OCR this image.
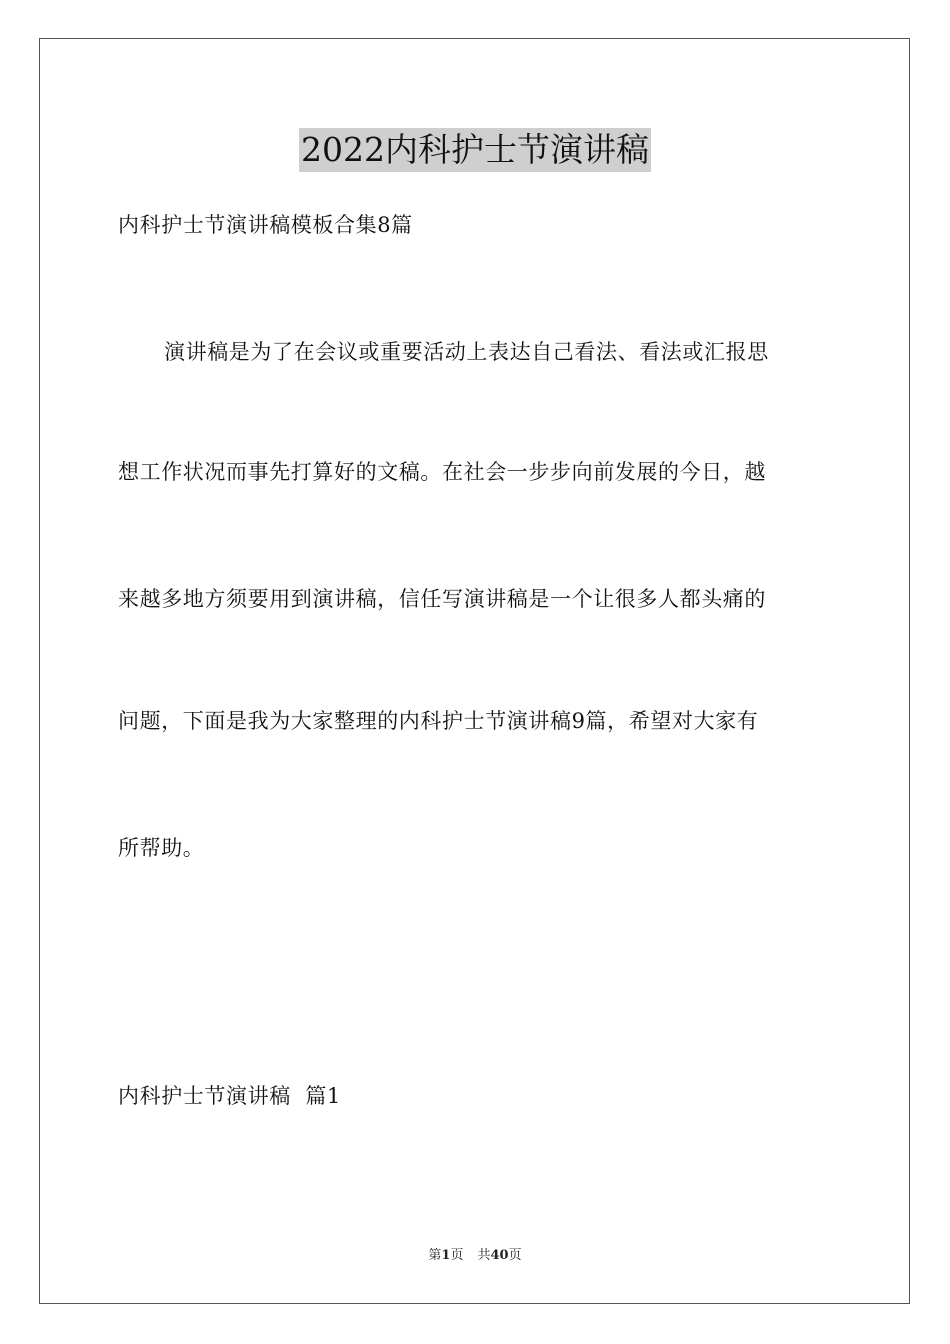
2022内科护士节演讲稿
内科护士节演讲稿模板合集8篇
演讲稿是为了在会议或重要活动上表达自己看法、看法或汇报思
想工作状况而事先打算好的文稿。在社会一步步向前发展的今日，越
来越多地方须要用到演讲稿，信任写演讲稿是一个让很多人都头痛的
问题，下面是我为大家整理的内科护士节演讲稿9篇，希望对大家有
所帮助。
内科护士节演讲稿  篇1
第1页 共40页
